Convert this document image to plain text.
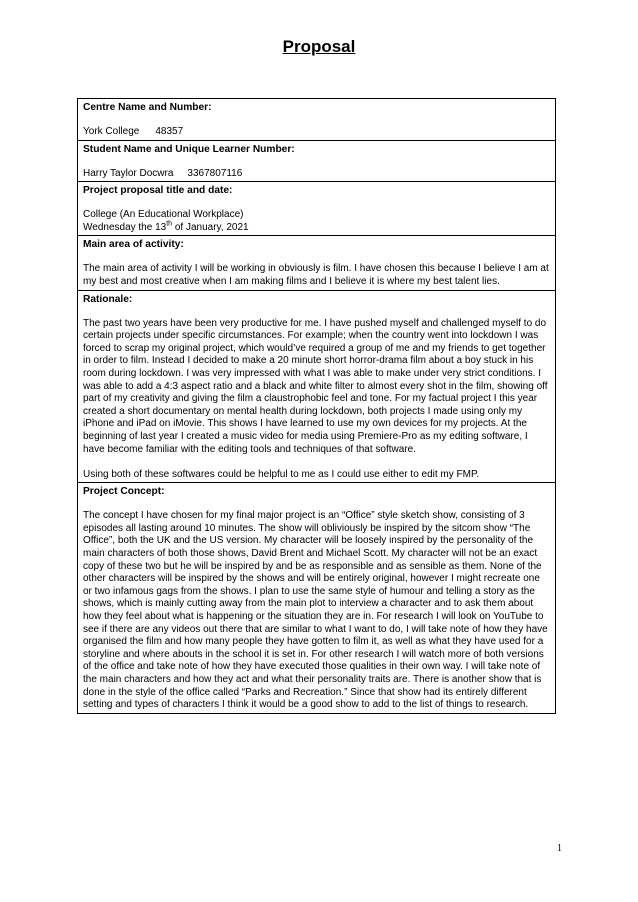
Proposal
Centre Name and Number:
York College 48357
Student Name and Unique Learner Number:
Harry Taylor Docwra 3367807116
Project proposal title and date:

College (An Educational Workplace)

Wednesday the 13th of January, 2021
Main area of activity:

The main area of activity I will be working in obviously is film. I have chosen this because I believe I am at my best and most creative when I am making films and I believe it is where my best talent lies.

Rationale:

The past two years have been very productive for me. I have pushed myself and challenged myself to do certain projects under specific circumstances. For example; when the country went into lockdown I was forced to scrap my original project, which would’ve required a group of me and my friends to get together in order to film. Instead I decided to make a 20 minute short horror-drama film about a boy stuck in his room during lockdown. I was very impressed with what I was able to make under very strict conditions. I was able to add a 4:3 aspect ratio and a black and white filter to almost every shot in the film, showing off part of my creativity and giving the film a claustrophobic feel and tone. For my factual project I this year created a short documentary on mental health during lockdown, both projects I made using only my iPhone and iPad on iMovie. This shows I have learned to use my own devices for my projects. At the beginning of last year I created a music video for media using Premiere-Pro as my editing software, I have become familiar with the editing tools and techniques of that software.

Using both of these softwares could be helpful to me as I could use either to edit my FMP.

Project Concept:

The concept I have chosen for my final major project is an “Office” style sketch show, consisting of 3 episodes all lasting around 10 minutes. The show will obliviously be inspired by the sitcom show “The Office”, both the UK and the US version. My character will be loosely inspired by the personality of the main characters of both those shows, David Brent and Michael Scott. My character will not be an exact copy of these two but he will be inspired by and be as responsible and as sensible as them. None of the other characters will be inspired by the shows and will be entirely original, however I might recreate one or two infamous gags from the shows. I plan to use the same style of humour and telling a story as the shows, which is mainly cutting away from the main plot to interview a character and to ask them about how they feel about what is happening or the situation they are in. For research I will look on YouTube to see if there are any videos out there that are similar to what I want to do, I will take note of how they have organised the film and how many people they have gotten to film it, as well as what they have used for a storyline and where abouts in the school it is set in. For other research I will watch more of both versions of the office and take note of how they have executed those qualities in their own way. I will take note of the main characters and how they act and what their personality traits are. There is another show that is done in the style of the office called “Parks and Recreation.” Since that show had its entirely different setting and types of characters I think it would be a good show to add to the list of things to research.

1
